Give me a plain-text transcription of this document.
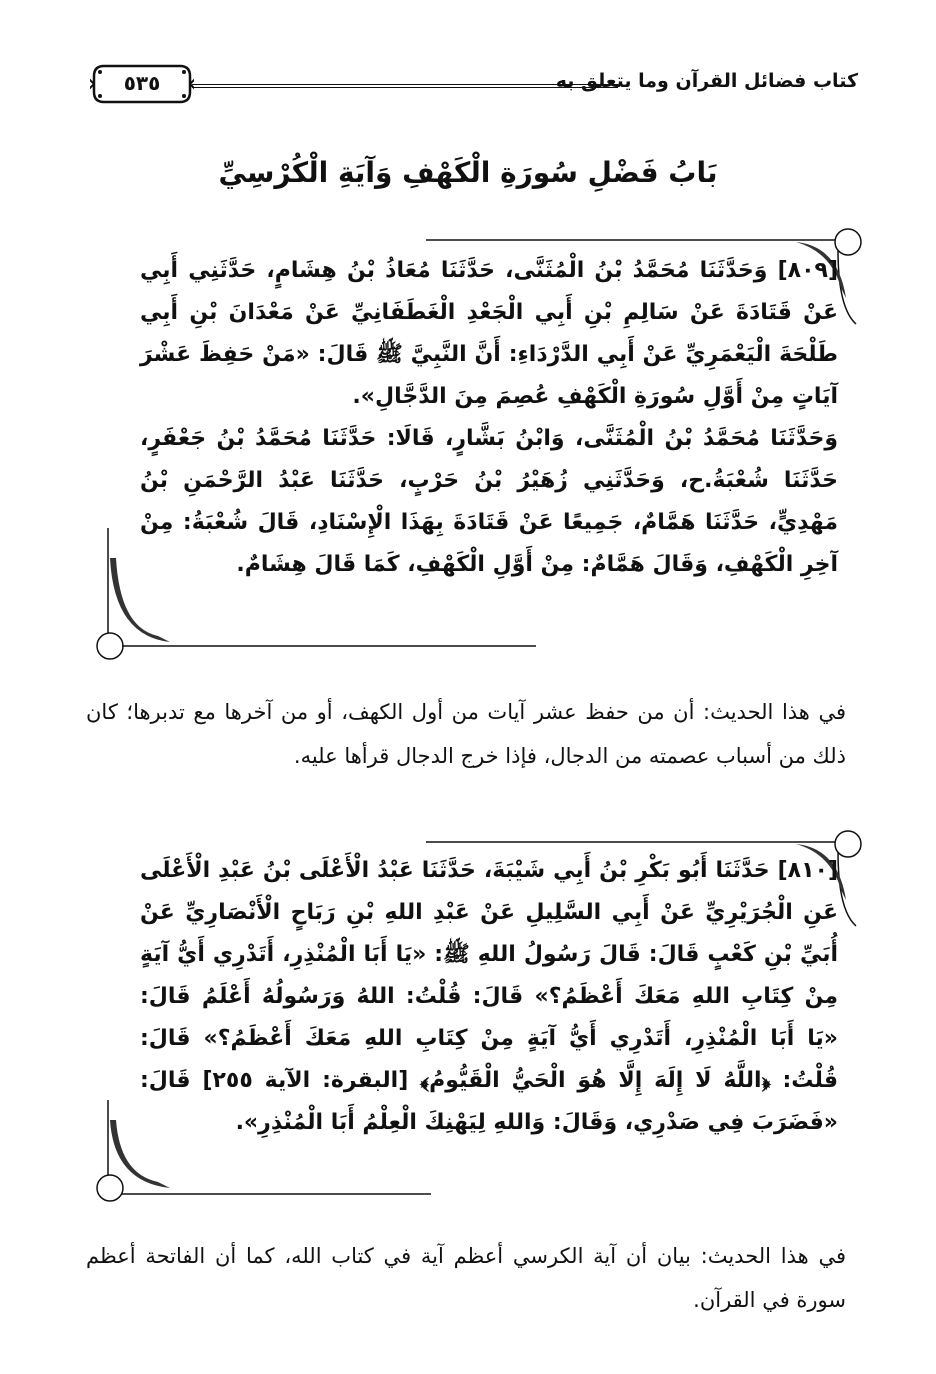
٥٣٥	كتاب فضائل القرآن وما يتعلق به
بَابُ فَضْلِ سُورَةِ الْكَهْفِ وَآيَةِ الْكُرْسِيِّ

[٨٠٩] وَحَدَّثَنَا مُحَمَّدُ بْنُ الْمُثَنَّى، حَدَّثَنَا مُعَاذُ بْنُ هِشَامٍ، حَدَّثَنِي أَبِي عَنْ قَتَادَةَ عَنْ سَالِمِ بْنِ أَبِي الْجَعْدِ الْغَطَفَانِيِّ عَنْ مَعْدَانَ بْنِ أَبِي طَلْحَةَ الْيَعْمَرِيِّ عَنْ أَبِي الدَّرْدَاءِ: أَنَّ النَّبِيَّ ﷺ قَالَ: «مَنْ حَفِظَ عَشْرَ آيَاتٍ مِنْ أَوَّلِ سُورَةِ الْكَهْفِ عُصِمَ مِنَ الدَّجَّالِ».

وَحَدَّثَنَا مُحَمَّدُ بْنُ الْمُثَنَّى، وَابْنُ بَشَّارٍ، قَالَا: حَدَّثَنَا مُحَمَّدُ بْنُ جَعْفَرٍ، حَدَّثَنَا شُعْبَةُ.ح، وَحَدَّثَنِي زُهَيْرُ بْنُ حَرْبٍ، حَدَّثَنَا عَبْدُ الرَّحْمَنِ بْنُ مَهْدِيٍّ، حَدَّثَنَا هَمَّامٌ، جَمِيعًا عَنْ قَتَادَةَ بِهَذَا الْإِسْنَادِ، قَالَ شُعْبَةُ: مِنْ آخِرِ الْكَهْفِ، وَقَالَ هَمَّامٌ: مِنْ أَوَّلِ الْكَهْفِ، كَمَا قَالَ هِشَامٌ.

في هذا الحديث: أن من حفظ عشر آيات من أول الكهف، أو من آخرها مع تدبرها؛ كان ذلك من أسباب عصمته من الدجال، فإذا خرج الدجال قرأها عليه.

[٨١٠] حَدَّثَنَا أَبُو بَكْرِ بْنُ أَبِي شَيْبَةَ، حَدَّثَنَا عَبْدُ الْأَعْلَى بْنُ عَبْدِ الْأَعْلَى عَنِ الْجُرَيْرِيِّ عَنْ أَبِي السَّلِيلِ عَنْ عَبْدِ اللهِ بْنِ رَبَاحٍ الْأَنْصَارِيِّ عَنْ أُبَيِّ بْنِ كَعْبٍ قَالَ: قَالَ رَسُولُ اللهِ ﷺ: «يَا أَبَا الْمُنْذِرِ، أَتَدْرِي أَيُّ آيَةٍ مِنْ كِتَابِ اللهِ مَعَكَ أَعْظَمُ؟» قَالَ: قُلْتُ: اللهُ وَرَسُولُهُ أَعْلَمُ قَالَ: «يَا أَبَا الْمُنْذِرِ، أَتَدْرِي أَيُّ آيَةٍ مِنْ كِتَابِ اللهِ مَعَكَ أَعْظَمُ؟» قَالَ: قُلْتُ: ﴿اللَّهُ لَا إِلَهَ إِلَّا هُوَ الْحَيُّ الْقَيُّومُ﴾ [البقرة: الآية ٢٥٥] قَالَ: «فَضَرَبَ فِي صَدْرِي، وَقَالَ: وَاللهِ لِيَهْنِكَ الْعِلْمُ أَبَا الْمُنْذِرِ».

في هذا الحديث: بيان أن آية الكرسي أعظم آية في كتاب الله، كما أن الفاتحة أعظم سورة في القرآن.
